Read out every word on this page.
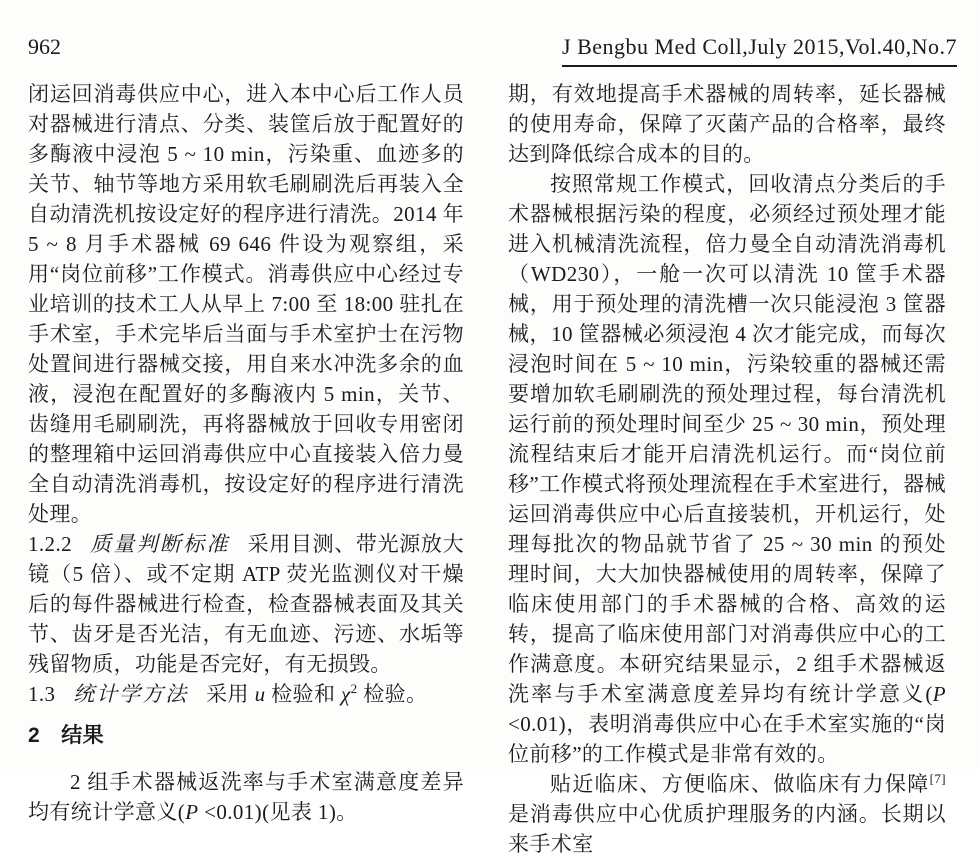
962	J Bengbu Med Coll,July 2015,Vol.40,No.7

闭运回消毒供应中心，进入本中心后工作人员对器械进行清点、分类、装筐后放于配置好的多酶液中浸泡 5 ~ 10 min，污染重、血迹多的关节、轴节等地方采用软毛刷刷洗后再装入全自动清洗机按设定好的程序进行清洗。2014 年 5 ~ 8 月手术器械 69 646 件设为观察组，采用“岗位前移”工作模式。消毒供应中心经过专业培训的技术工人从早上 7:00 至 18:00 驻扎在手术室，手术完毕后当面与手术室护士在污物处置间进行器械交接，用自来水冲洗多余的血液，浸泡在配置好的多酶液内 5 min，关节、齿缝用毛刷刷洗，再将器械放于回收专用密闭的整理箱中运回消毒供应中心直接装入倍力曼全自动清洗消毒机，按设定好的程序进行清洗处理。

1.2.2 质量判断标准 采用目测、带光源放大镜（5 倍）、或不定期 ATP 荧光监测仪对干燥后的每件器械进行检查，检查器械表面及其关节、齿牙是否光洁，有无血迹、污迹、水垢等残留物质，功能是否完好，有无损毁。

1.3 统计学方法 采用 u 检验和 $\chi^2$ 检验。

2 结果

2 组手术器械返洗率与手术室满意度差异均有统计学意义(P <0.01)(见表 1)。

期，有效地提高手术器械的周转率，延长器械的使用寿命，保障了灭菌产品的合格率，最终达到降低综合成本的目的。

按照常规工作模式，回收清点分类后的手术器械根据污染的程度，必须经过预处理才能进入机械清洗流程，倍力曼全自动清洗消毒机（WD230），一舱一次可以清洗 10 筐手术器械，用于预处理的清洗槽一次只能浸泡 3 筐器械，10 筐器械必须浸泡 4 次才能完成，而每次浸泡时间在 5 ~ 10 min，污染较重的器械还需要增加软毛刷刷洗的预处理过程，每台清洗机运行前的预处理时间至少 25 ~ 30 min，预处理流程结束后才能开启清洗机运行。而“岗位前移”工作模式将预处理流程在手术室进行，器械运回消毒供应中心后直接装机，开机运行，处理每批次的物品就节省了 25 ~ 30 min 的预处理时间，大大加快器械使用的周转率，保障了临床使用部门的手术器械的合格、高效的运转，提高了临床使用部门对消毒供应中心的工作满意度。本研究结果显示，2 组手术器械返洗率与手术室满意度差异均有统计学意义(P <0.01)，表明消毒供应中心在手术室实施的“岗位前移”的工作模式是非常有效的。

贴近临床、方便临床、做临床有力保障[7] 是消毒供应中心优质护理服务的内涵。长期以来手术室
